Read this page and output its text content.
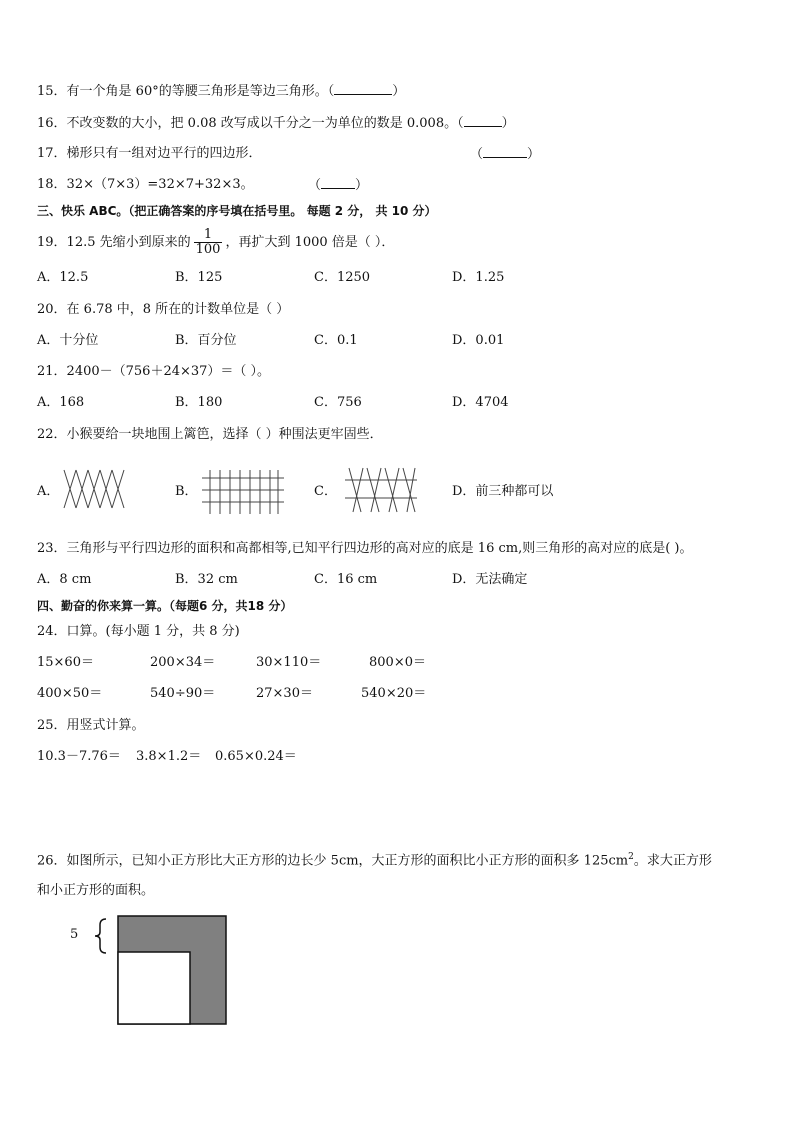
15．有一个角是 60°的等腰三角形是等边三角形。（	）
16．不改变数的大小，把 0.08 改写成以千分之一为单位的数是 0.008。（	）
17．梯形只有一组对边平行的四边形．	（	）
18．32×（7×3）=32×7+32×3。	（	）
三、快乐 ABC。（把正确答案的序号填在括号里。 每题 2 分， 共 10 分）
19．12.5 先缩小到原来的 $\frac{1}{100}$ ，再扩大到 1000 倍是（ ）．
A．12.5	B．125	C．1250	D．1.25
20．在 6.78 中，8 所在的计数单位是（ ）
A．十分位	B．百分位	C．0.1	D．0.01
21．2400－（756＋24×37）＝（ ）。
A．168	B．180	C．756	D．4704
22．小猴要给一块地围上篱笆，选择（ ）种围法更牢固些．
A．	B．	C．	D．前三种都可以
23．三角形与平行四边形的面积和高都相等,已知平行四边形的高对应的底是 16 cm,则三角形的高对应的底是( )。
A．8 cm	B．32 cm	C．16 cm	D．无法确定
四、勤奋的你来算一算。（每题6 分，共18 分）
24．口算。(每小题 1 分，共 8 分)
15×60＝	200×34＝	30×110＝	800×0＝
400×50＝	540÷90＝	27×30＝	540×20＝
25．用竖式计算。
10.3－7.76＝ 3.8×1.2＝ 0.65×0.24＝
26．如图所示，已知小正方形比大正方形的边长少 5cm，大正方形的面积比小正方形的面积多 $125cm^2$。求大正方形
和小正方形的面积。
5
